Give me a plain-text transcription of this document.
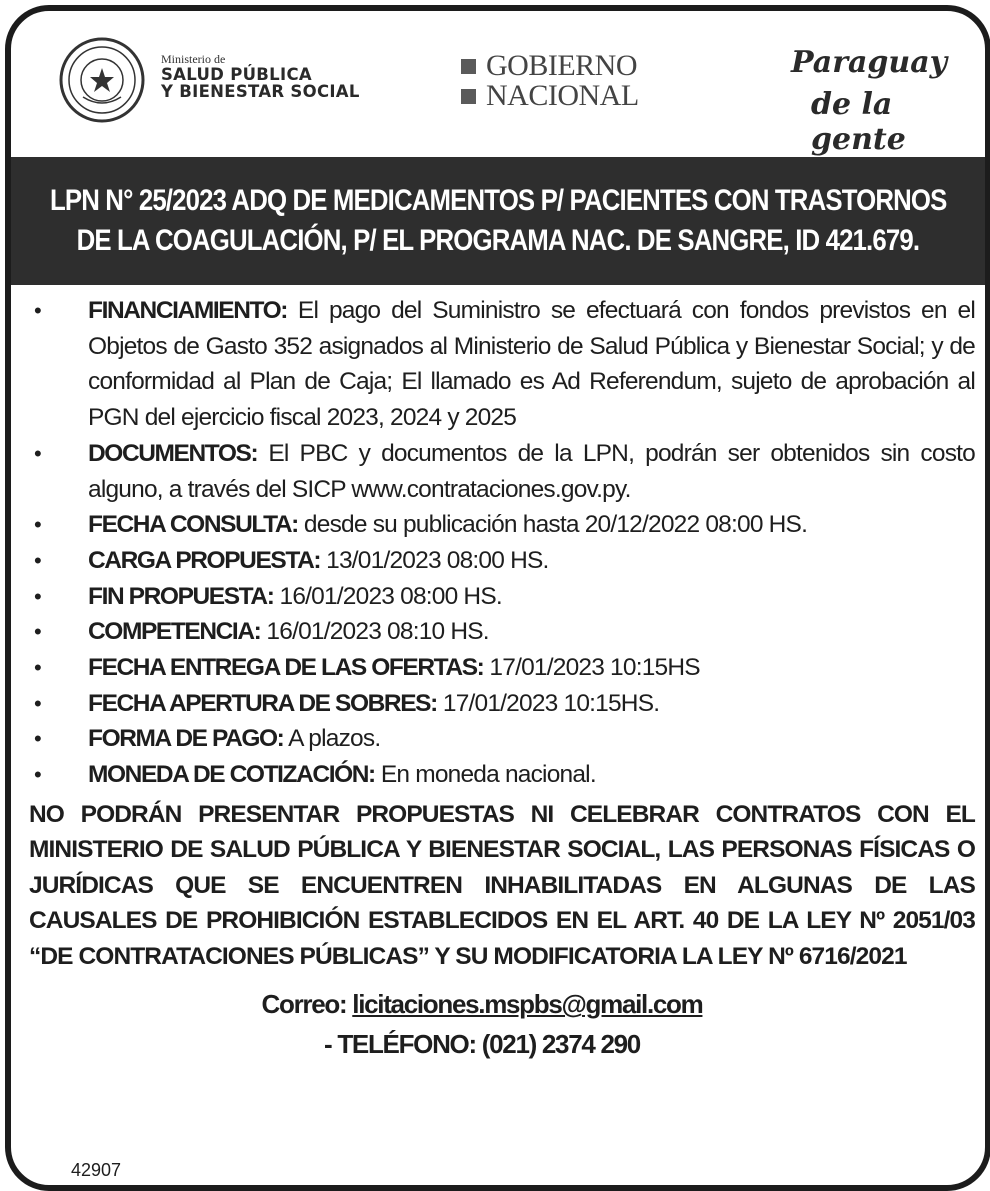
Ministerio de
SALUD PÚBLICA
Y BIENESTAR SOCIAL
GOBIERNO
NACIONAL
Paraguay
de la gente
LPN N° 25/2023 ADQ DE MEDICAMENTOS P/ PACIENTES CON TRASTORNOS
DE LA COAGULACIÓN, P/ EL PROGRAMA NAC. DE SANGRE, ID 421.679.
• FINANCIAMIENTO: El pago del Suministro se efectuará con fondos previstos en el Objetos de Gasto 352 asignados al Ministerio de Salud Pública y Bienestar Social; y de conformidad al Plan de Caja; El llamado es Ad Referendum, sujeto de aprobación al PGN del ejercicio fiscal 2023, 2024 y 2025
• DOCUMENTOS: El PBC y documentos de la LPN, podrán ser obtenidos sin costo alguno, a través del SICP www.contrataciones.gov.py.
• FECHA CONSULTA: desde su publicación hasta 20/12/2022 08:00 HS.
• CARGA PROPUESTA: 13/01/2023 08:00 HS.
• FIN PROPUESTA: 16/01/2023 08:00 HS.
• COMPETENCIA: 16/01/2023 08:10 HS.
• FECHA ENTREGA DE LAS OFERTAS: 17/01/2023 10:15HS
• FECHA APERTURA DE SOBRES: 17/01/2023 10:15HS.
• FORMA DE PAGO: A plazos.
• MONEDA DE COTIZACIÓN: En moneda nacional.
NO PODRÁN PRESENTAR PROPUESTAS NI CELEBRAR CONTRATOS CON EL MINISTERIO DE SALUD PÚBLICA Y BIENESTAR SOCIAL, LAS PERSONAS FÍSICAS O JURÍDICAS QUE SE ENCUENTREN INHABILITADAS EN ALGUNAS DE LAS CAUSALES DE PROHIBICIÓN ESTABLECIDOS EN EL ART. 40 DE LA LEY Nº 2051/03 “DE CONTRATACIONES PÚBLICAS” Y SU MODIFICATORIA LA LEY Nº 6716/2021
Correo: licitaciones.mspbs@gmail.com
- TELÉFONO: (021) 2374 290
42907
